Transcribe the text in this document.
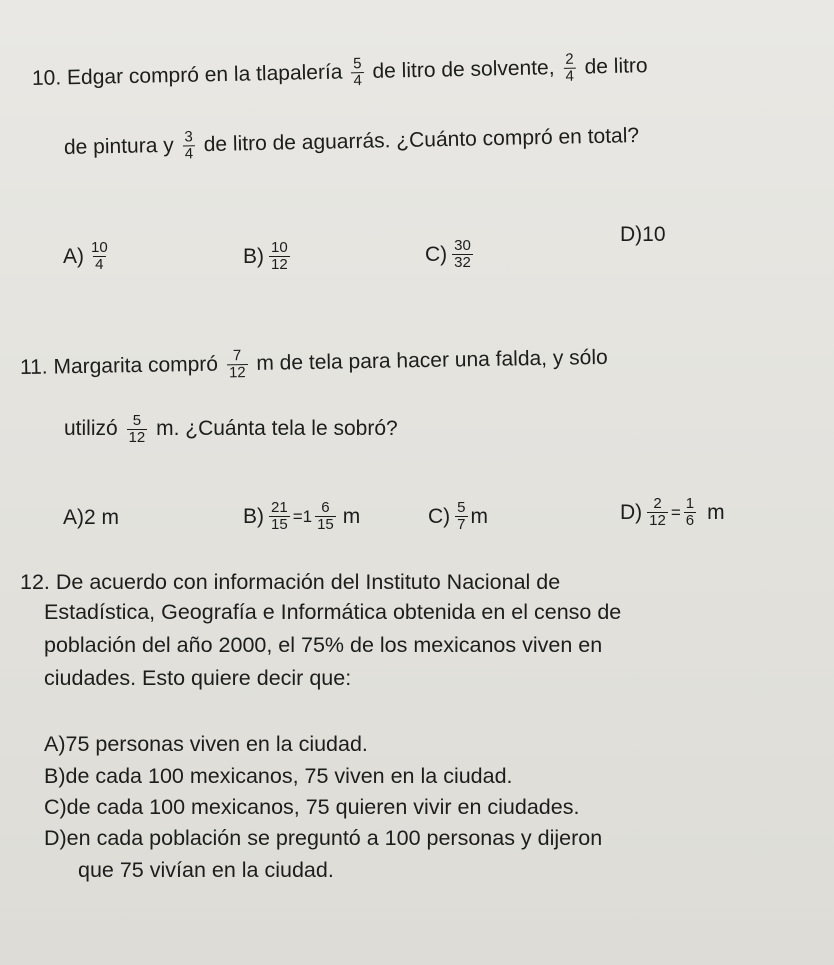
10. Edgar compró en la tlapalería $\frac{5}{4}$ de litro de solvente, $\frac{2}{4}$ de litro
de pintura y $\frac{3}{4}$ de litro de aguarrás. ¿Cuánto compró en total?
$A) \frac{10}{4}$	$B) \frac{10}{12}$	$C) \frac{30}{32}$
D)10
11. Margarita compró $\frac{7}{12}$ m de tela para hacer una falda, y sólo
utilizó $\frac{5}{12} m$. ¿Cuánta tela le sobró?
A)2 m	$B) \frac{21}{15} =1 \frac{6}{15}$ m	$C) \frac{5}{7}$ m	$D) \frac{2}{12} = \frac{1}{6}$ m
12. De acuerdo con información del Instituto Nacional de
Estadística, Geografía e Informática obtenida en el censo de
población del año 2000, el 75% de los mexicanos viven en
ciudades. Esto quiere decir que:
A)75 personas viven en la ciudad.
B)de cada 100 mexicanos, 75 viven en la ciudad.
C)de cada 100 mexicanos, 75 quieren vivir en ciudades.
D)en cada población se preguntó a 100 personas y dijeron
que 75 vivían en la ciudad.
